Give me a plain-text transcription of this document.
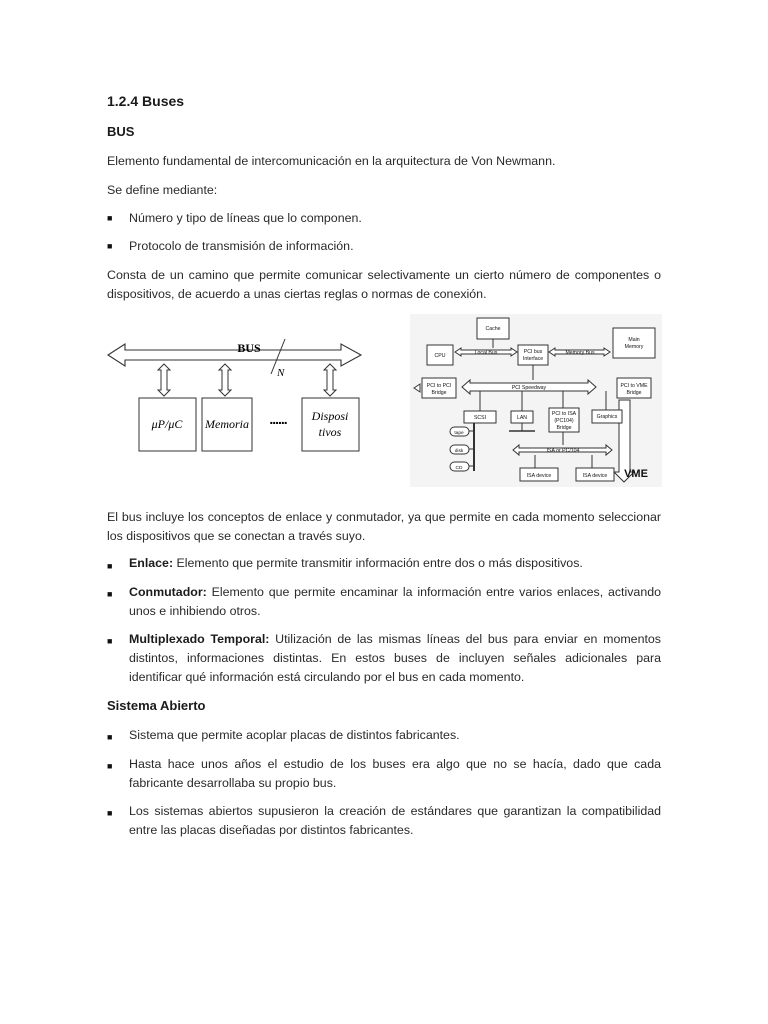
1.2.4 Buses
BUS
Elemento fundamental de intercomunicación en la arquitectura de Von Newmann.
Se define mediante:
■ Número y tipo de líneas que lo componen.
■ Protocolo de transmisión de información.
Consta de un camino que permite comunicar selectivamente un cierto número de componentes o dispositivos, de acuerdo a unas ciertas reglas o normas de conexión.
BUS
N
μP/μC Memoria ...... Disposi
tivos
Cache
CPU	Local Bus	PCI bus
Interface
Memory Bus
Main
Memory
PCI to PCI
Bridge
PCI Speedway	PCI to VME
Bridge
SCSI	LAN
PCI to ISA
(PC104)
Bridge
Graphics
tape
disk
CD
ISA or PC/104
ISA device	ISA device VME
El bus incluye los conceptos de enlace y conmutador, ya que permite en cada momento seleccionar los dispositivos que se conectan a través suyo.
■ Enlace: Elemento que permite transmitir información entre dos o más dispositivos.
■ Conmutador: Elemento que permite encaminar la información entre varios enlaces, activando unos e inhibiendo otros.
■ Multiplexado Temporal: Utilización de las mismas líneas del bus para enviar en momentos distintos, informaciones distintas. En estos buses de incluyen señales adicionales para identificar qué información está circulando por el bus en cada momento.
Sistema Abierto
■ Sistema que permite acoplar placas de distintos fabricantes.
■ Hasta hace unos años el estudio de los buses era algo que no se hacía, dado que cada fabricante desarrollaba su propio bus.
■ Los sistemas abiertos supusieron la creación de estándares que garantizan la compatibilidad entre las placas diseñadas por distintos fabricantes.
